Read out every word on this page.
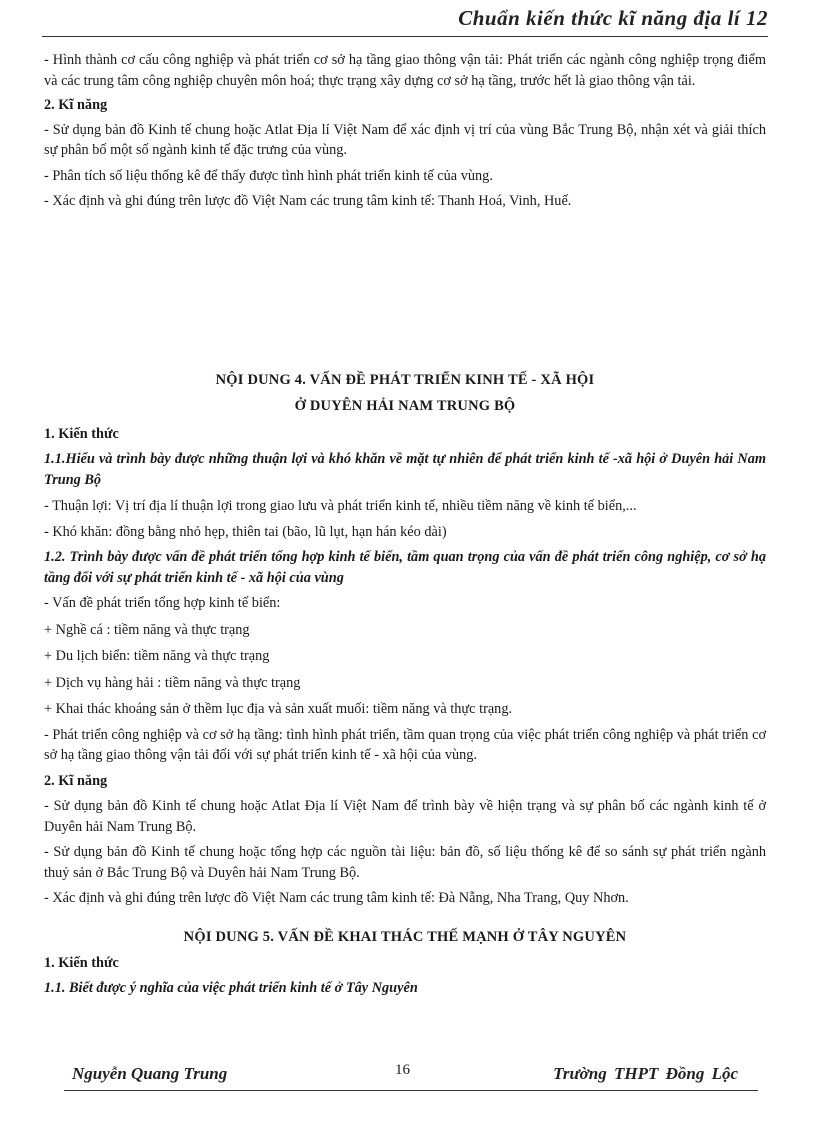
Chuẩn kiến thức kĩ năng địa lí 12

- Hình thành cơ cấu công nghiệp và phát triển cơ sở hạ tầng giao thông vận tải: Phát triển các ngành công nghiệp trọng điểm và các trung tâm công nghiệp chuyên môn hoá; thực trạng xây dựng cơ sở hạ tầng, trước hết là giao thông vận tải.

2. Kĩ năng

- Sử dụng bản đồ Kinh tế chung hoặc Atlat Địa lí Việt Nam để xác định vị trí của vùng Bắc Trung Bộ, nhận xét và giải thích sự phân bố một số ngành kinh tế đặc trưng của vùng.

- Phân tích số liệu thống kê để thấy được tình hình phát triển kinh tế của vùng.

- Xác định và ghi đúng trên lược đồ Việt Nam các trung tâm kinh tế: Thanh Hoá, Vinh, Huế.

NỘI DUNG 4. VẤN ĐỀ PHÁT TRIỂN KINH TẾ - XÃ HỘI

Ở DUYÊN HẢI NAM TRUNG BỘ

1. Kiến thức

1.1.Hiểu và trình bày được những thuận lợi và khó khăn về mặt tự nhiên để phát triển kinh tế -xã hội ở Duyên hải Nam Trung Bộ

- Thuận lợi: Vị trí địa lí thuận lợi trong giao lưu và phát triển kinh tế, nhiều tiềm năng về kinh tế biển,...

- Khó khăn: đồng bằng nhỏ hẹp, thiên tai (bão, lũ lụt, hạn hán kéo dài)

1.2. Trình bày được vấn đề phát triển tổng hợp kinh tế biển, tầm quan trọng của vấn đề phát triển công nghiệp, cơ sở hạ tầng đối với sự phát triển kinh tế - xã hội của vùng

- Vấn đề phát triển tổng hợp kinh tế biển:

+ Nghề cá : tiềm năng và thực trạng

+ Du lịch biển: tiềm năng và thực trạng

+ Dịch vụ hàng hải : tiềm năng và thực trạng

+ Khai thác khoáng sản ở thềm lục địa và sản xuất muối: tiềm năng và thực trạng.

- Phát triển công nghiệp và cơ sở hạ tầng: tình hình phát triển, tầm quan trọng của việc phát triển công nghiệp và phát triển cơ sở hạ tầng giao thông vận tải đối với sự phát triển kinh tế - xã hội của vùng.

2. Kĩ năng

- Sử dụng bản đồ Kinh tế chung hoặc Atlat Địa lí Việt Nam để trình bày về hiện trạng và sự phân bố các ngành kinh tế ở Duyên hải Nam Trung Bộ.

- Sử dụng bản đồ Kinh tế chung hoặc tổng hợp các nguồn tài liệu: bản đồ, số liệu thống kê để so sánh sự phát triển ngành thuỷ sản ở Bắc Trung Bộ và Duyên hải Nam Trung Bộ.

- Xác định và ghi đúng trên lược đồ Việt Nam các trung tâm kinh tế: Đà Nẵng, Nha Trang, Quy Nhơn.

NỘI DUNG 5. VẤN ĐỀ KHAI THÁC THẾ MẠNH Ở TÂY NGUYÊN

1. Kiến thức

1.1. Biết được ý nghĩa của việc phát triển kinh tế ở Tây Nguyên

Nguyễn Quang Trung	16	Trường THPT Đồng Lộc
